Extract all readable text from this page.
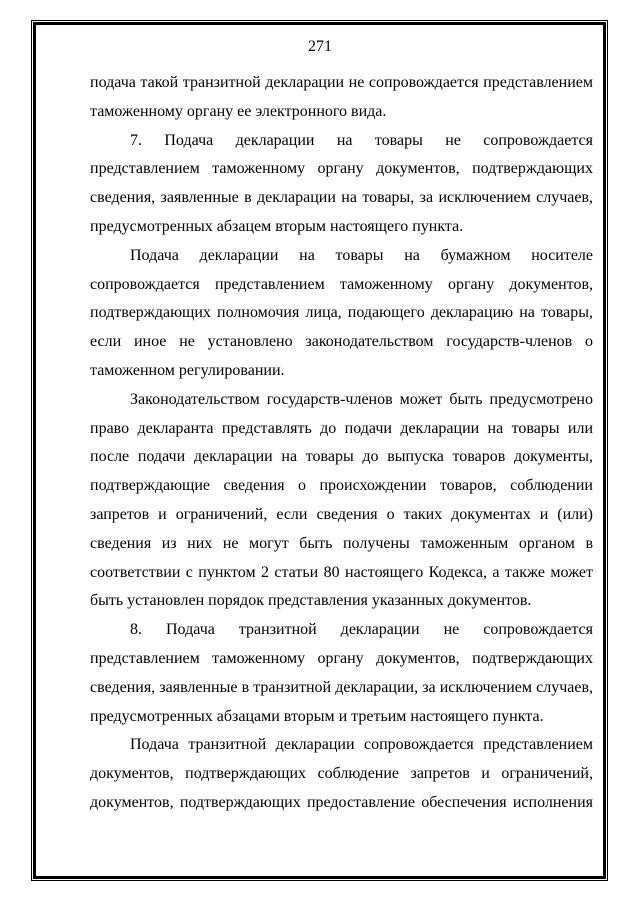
271

подача такой транзитной декларации не сопровождается представлением таможенному органу ее электронного вида.

7. Подача декларации на товары не сопровождается представлением таможенному органу документов, подтверждающих сведения, заявленные в декларации на товары, за исключением случаев, предусмотренных абзацем вторым настоящего пункта.

Подача декларации на товары на бумажном носителе сопровождается представлением таможенному органу документов, подтверждающих полномочия лица, подающего декларацию на товары, если иное не установлено законодательством государств-членов о таможенном регулировании.

Законодательством государств-членов может быть предусмотрено право декларанта представлять до подачи декларации на товары или после подачи декларации на товары до выпуска товаров документы, подтверждающие сведения о происхождении товаров, соблюдении запретов и ограничений, если сведения о таких документах и (или) сведения из них не могут быть получены таможенным органом в соответствии с пунктом 2 статьи 80 настоящего Кодекса, а также может быть установлен порядок представления указанных документов.

8. Подача транзитной декларации не сопровождается представлением таможенному органу документов, подтверждающих сведения, заявленные в транзитной декларации, за исключением случаев, предусмотренных абзацами вторым и третьим настоящего пункта.

Подача транзитной декларации сопровождается представлением документов, подтверждающих соблюдение запретов и ограничений, документов, подтверждающих предоставление обеспечения исполнения
